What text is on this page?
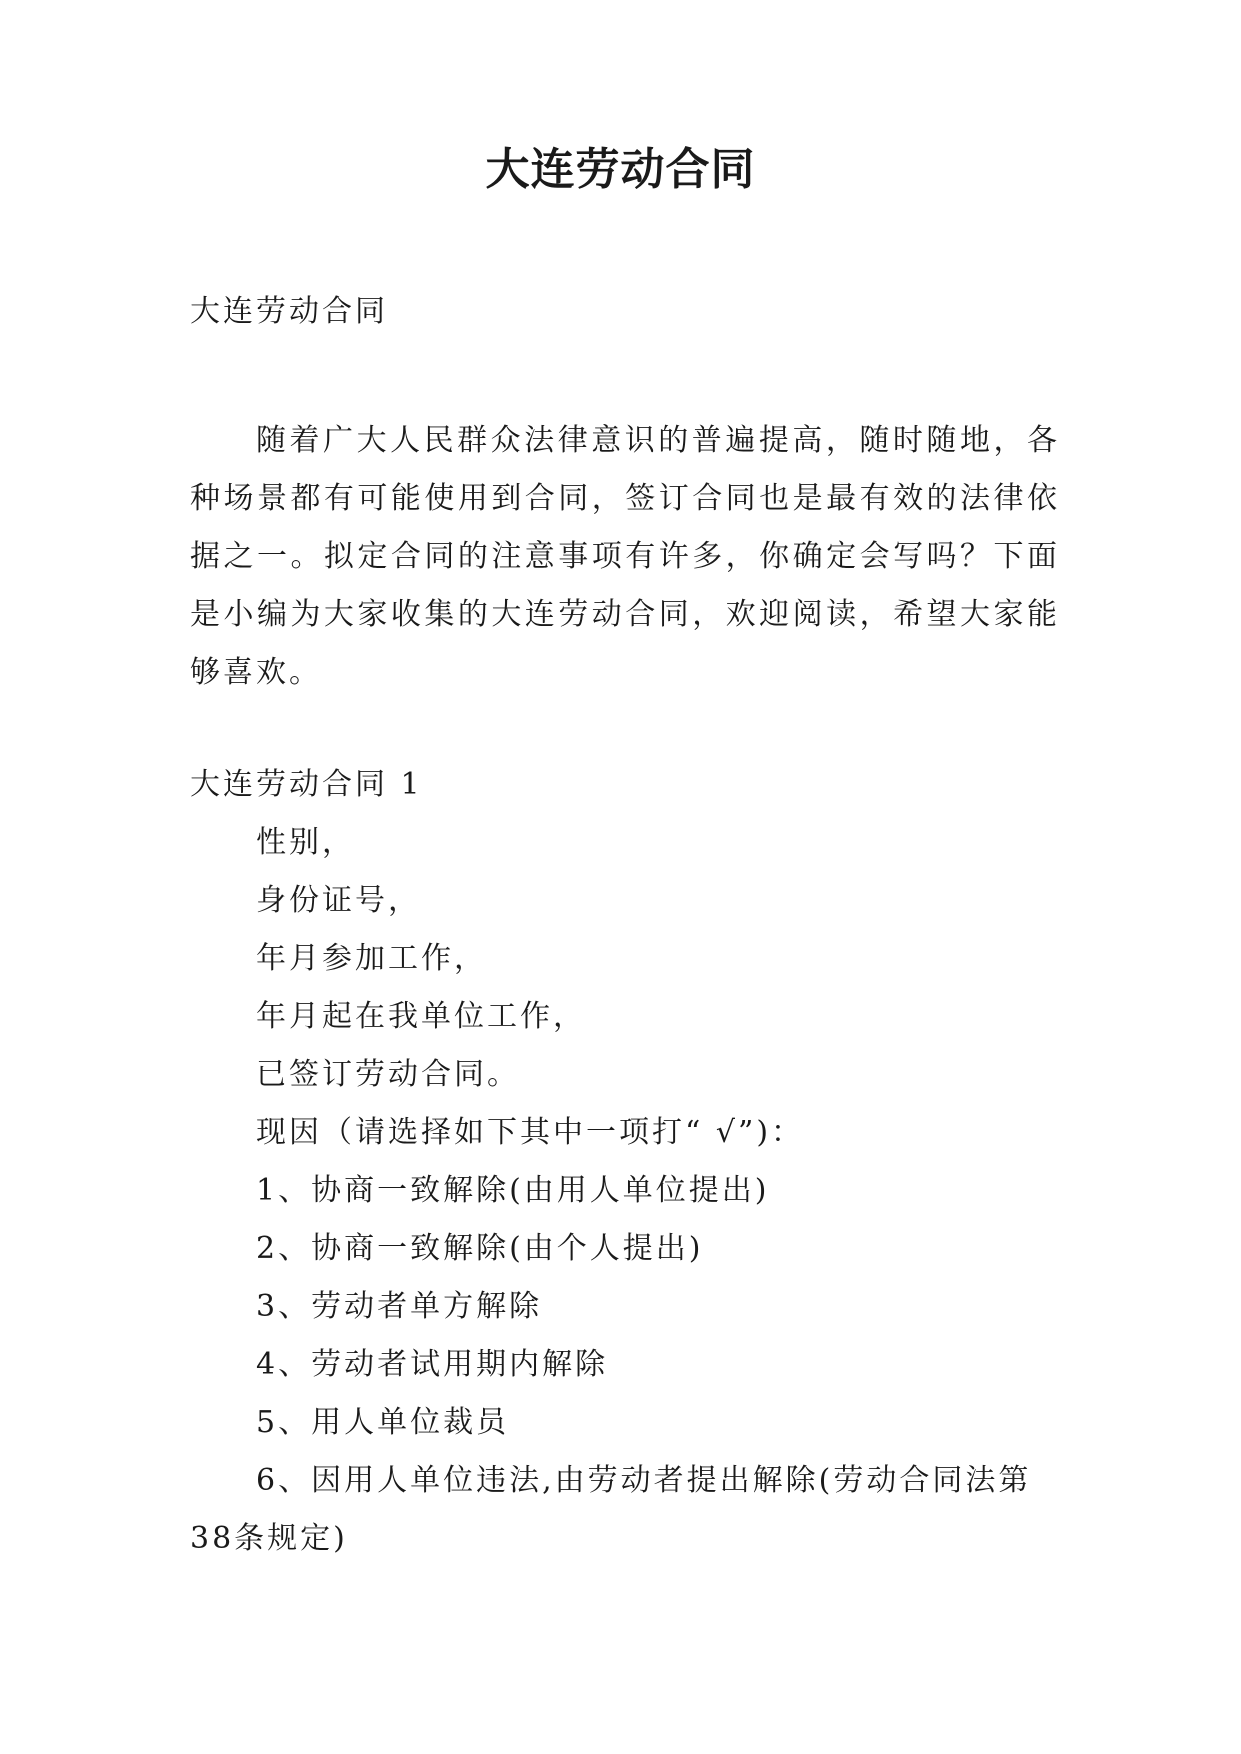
大连劳动合同
大连劳动合同

随着广大人民群众法律意识的普遍提高，随时随地，各种场景都有可能使用到合同，签订合同也是最有效的法律依据之一。拟定合同的注意事项有许多，你确定会写吗？下面是小编为大家收集的大连劳动合同，欢迎阅读，希望大家能够喜欢。

大连劳动合同 1
性别，
身份证号，
年月参加工作，
年月起在我单位工作，
已签订劳动合同。
现因（请选择如下其中一项打“ √”)：
1、协商一致解除(由用人单位提出)
2、协商一致解除(由个人提出)
3、劳动者单方解除
4、劳动者试用期内解除
5、用人单位裁员

6、因用人单位违法,由劳动者提出解除(劳动合同法第38条规定)
